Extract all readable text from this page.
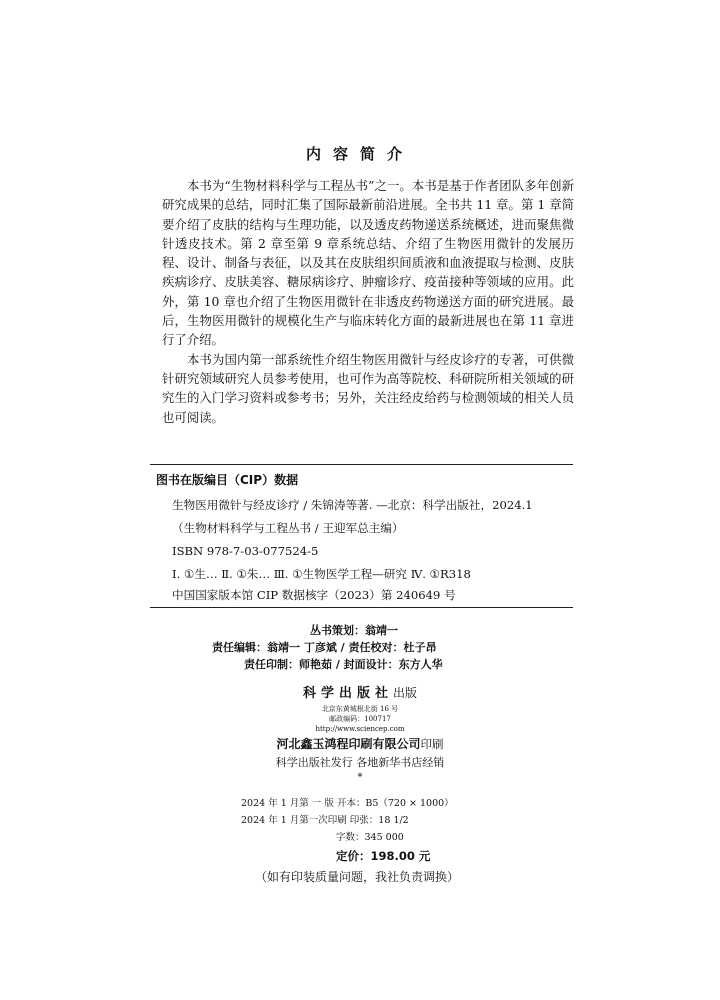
内容简介

本书为“生物材料科学与工程丛书”之一。本书是基于作者团队多年创新研究成果的总结，同时汇集了国际最新前沿进展。全书共 11 章。第 1 章简要介绍了皮肤的结构与生理功能，以及透皮药物递送系统概述，进而聚焦微针透皮技术。第 2 章至第 9 章系统总结、介绍了生物医用微针的发展历程、设计、制备与表征，以及其在皮肤组织间质液和血液提取与检测、皮肤疾病诊疗、皮肤美容、糖尿病诊疗、肿瘤诊疗、疫苗接种等领域的应用。此外，第 10 章也介绍了生物医用微针在非透皮药物递送方面的研究进展。最后，生物医用微针的规模化生产与临床转化方面的最新进展也在第 11 章进行了介绍。

本书为国内第一部系统性介绍生物医用微针与经皮诊疗的专著，可供微针研究领域研究人员参考使用，也可作为高等院校、科研院所相关领域的研究生的入门学习资料或参考书；另外，关注经皮给药与检测领域的相关人员也可阅读。

图书在版编目（CIP）数据
生物医用微针与经皮诊疗 / 朱锦涛等著. —北京：科学出版社，2024.1
（生物材料科学与工程丛书 / 王迎军总主编）
ISBN 978-7-03-077524-5
Ⅰ. ①生… Ⅱ. ①朱… Ⅲ. ①生物医学工程—研究 Ⅳ. ①R318
中国国家版本馆 CIP 数据核字（2023）第 240649 号
丛书策划：翁靖一
责任编辑：翁靖一 丁彦斌 / 责任校对：杜子昂
责任印制：师艳茹 / 封面设计：东方人华
科学出版社出版
北京东黄城根北街 16 号
邮政编码：100717
http://www.sciencep.com
河北鑫玉鸿程印刷有限公司印刷
科学出版社发行 各地新华书店经销
*
2024 年 1 月第 一 版 开本：B5（720 × 1000）
2024 年 1 月第一次印刷 印张：18 1/2
字数：345 000
定价：198.00 元
（如有印装质量问题，我社负责调换）
